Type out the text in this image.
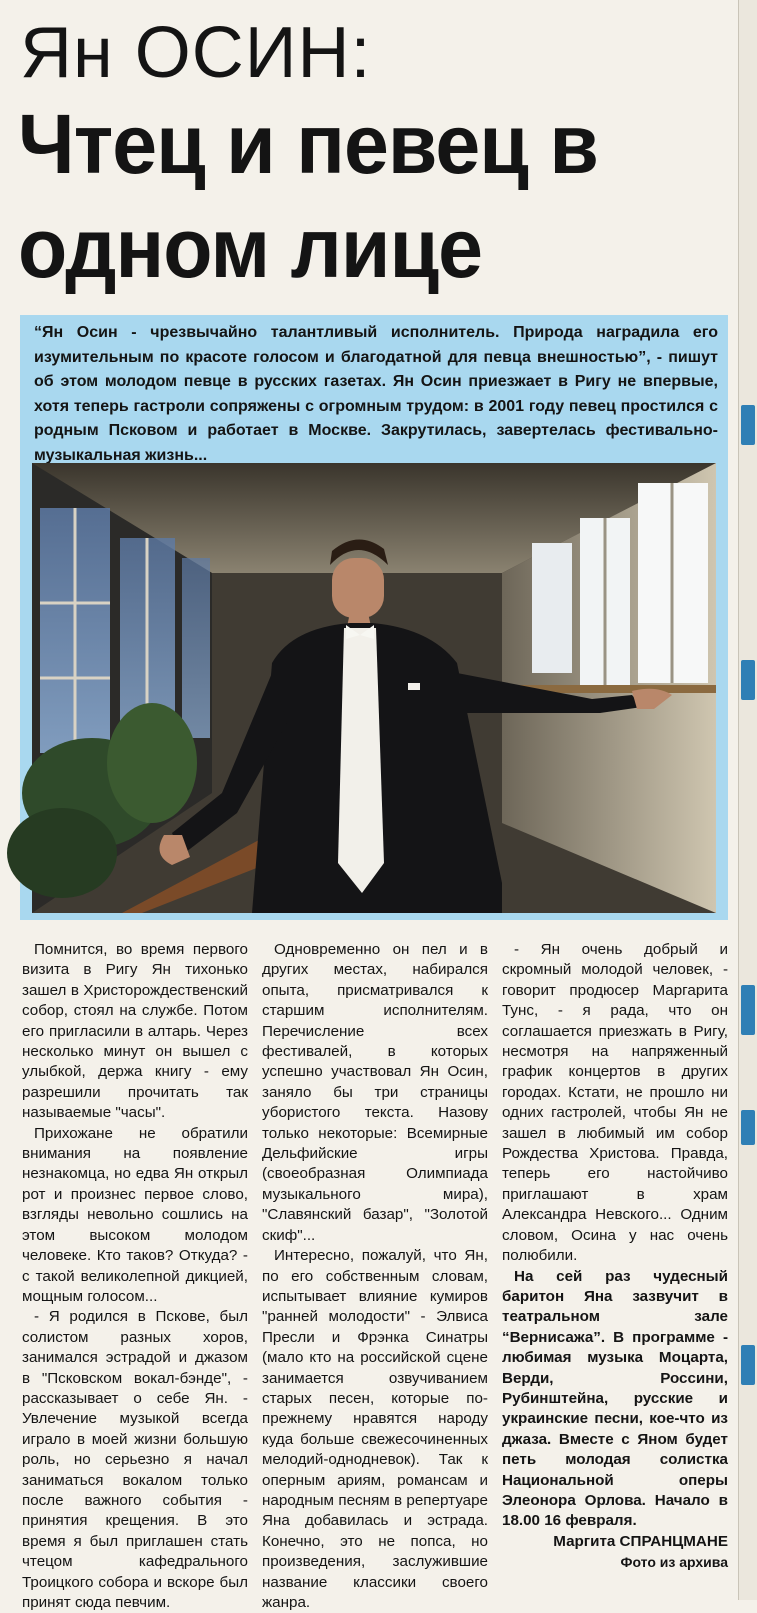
Ян ОСИН:
Чтец и певец в одном лице

“Ян Осин - чрезвычайно талантливый исполнитель. Природа наградила его изумительным по красоте голосом и благодатной для певца внешностью”, - пишут об этом молодом певце в русских газетах. Ян Осин приезжает в Ригу не впервые, хотя теперь гастроли сопряжены с огромным трудом: в 2001 году певец простился с родным Псковом и работает в Москве. Закрутилась, завертелась фестивально-музыкальная жизнь...

Помнится, во время первого визита в Ригу Ян тихонько зашел в Христорождественский собор, стоял на службе. Потом его пригласили в алтарь. Через несколько минут он вышел с улыбкой, держа книгу - ему разрешили прочитать так называемые "часы".

Прихожане не обратили внимания на появление незнакомца, но едва Ян открыл рот и произнес первое слово, взгляды невольно сошлись на этом высоком молодом человеке. Кто таков? Откуда? - с такой великолепной дикцией, мощным голосом...

- Я родился в Пскове, был солистом разных хоров, занимался эстрадой и джазом в "Псковском вокал-бэнде", - рассказывает о себе Ян. - Увлечение музыкой всегда играло в моей жизни большую роль, но серьезно я начал заниматься вокалом только после важного события - принятия крещения. В это время я был приглашен стать чтецом кафедрального Троицкого собора и вскоре был принят сюда певчим.

Одновременно он пел и в других местах, набирался опыта, присматривался к старшим исполнителям. Перечисление всех фестивалей, в которых успешно участвовал Ян Осин, заняло бы три страницы убористого текста. Назову только некоторые: Всемирные Дельфийские игры (своеобразная Олимпиада музыкального мира), "Славянский базар", "Золотой скиф"...

Интересно, пожалуй, что Ян, по его собственным словам, испытывает влияние кумиров "ранней молодости" - Элвиса Пресли и Фрэнка Синатры (мало кто на российской сцене занимается озвучиванием старых песен, которые по-прежнему нравятся народу куда больше свежесочиненных мелодий-однодневок). Так к оперным ариям, романсам и народным песням в репертуаре Яна добавилась и эстрада. Конечно, это не попса, но произведения, заслужившие название классики своего жанра.

- Ян очень добрый и скромный молодой человек, - говорит продюсер Маргарита Тунс, - я рада, что он соглашается приезжать в Ригу, несмотря на напряженный график концертов в других городах. Кстати, не прошло ни одних гастролей, чтобы Ян не зашел в любимый им собор Рождества Христова. Правда, теперь его настойчиво приглашают в храм Александра Невского... Одним словом, Осина у нас очень полюбили.

На сей раз чудесный баритон Яна зазвучит в театральном зале “Вернисажа”. В программе - любимая музыка Моцарта, Верди, Россини, Рубинштейна, русские и украинские песни, кое-что из джаза. Вместе с Яном будет петь молодая солистка Национальной оперы Элеонора Орлова. Начало в 18.00 16 февраля.

Маргита СПРАНЦМАНЕ

Фото из архива
